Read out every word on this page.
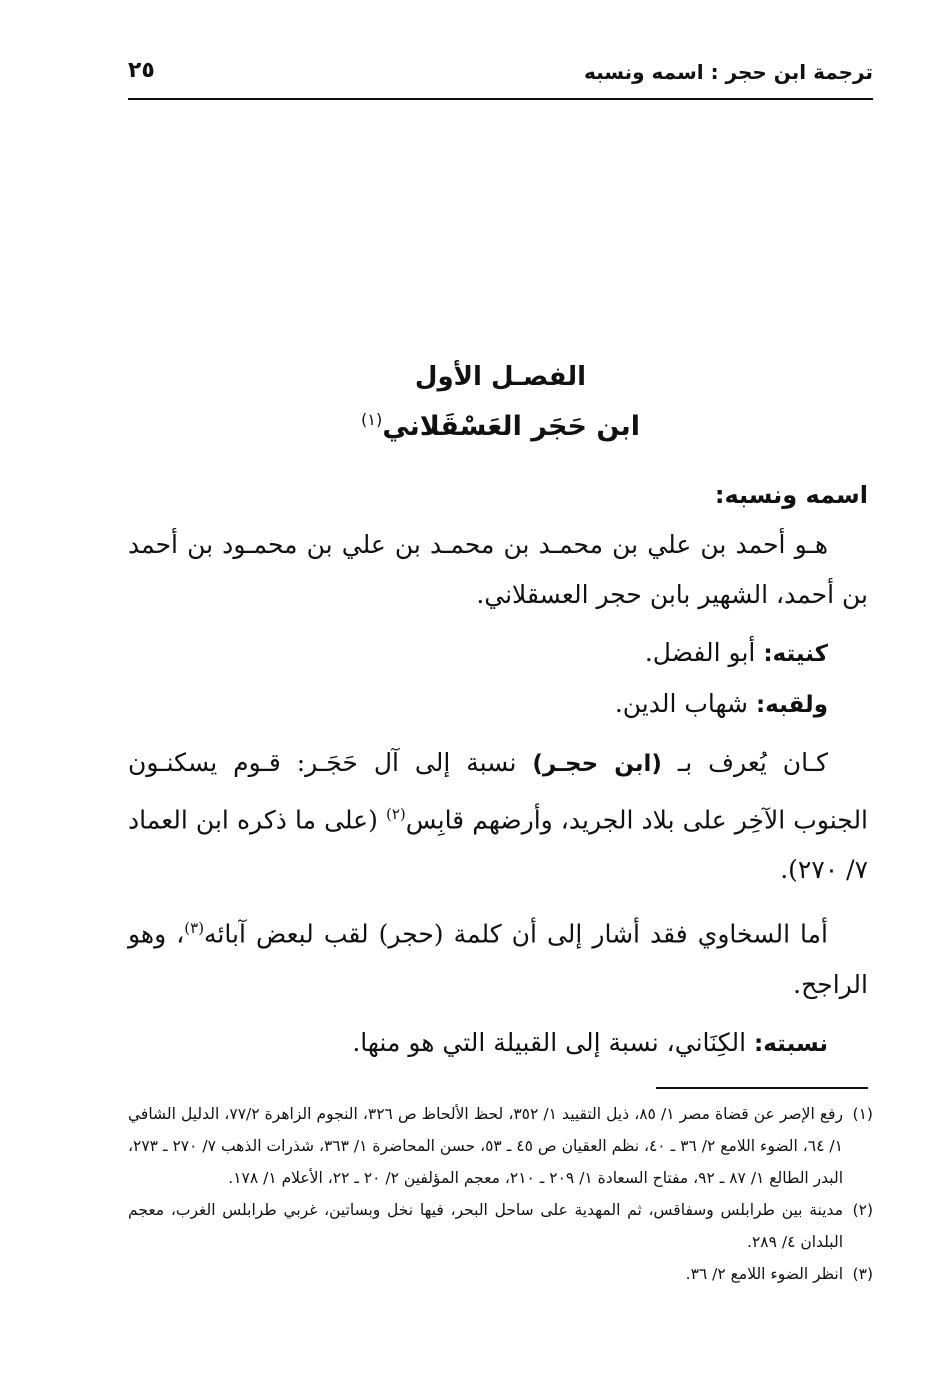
ترجمة ابن حجر : اسمه ونسبه
٢٥
الفصـل الأول
ابن حَجَر العَسْقَلاني$^{(١)}$

اسمه ونسبه:

هـو أحمد بن علي بن محمـد بن محمـد بن علي بن محمـود بن أحمد بن أحمد، الشهير بابن حجر العسقلاني.

كنيته: أبو الفضل.

ولقبه: شهاب الدين.

كـان يُعرف بـ (ابن حجـر) نسبة إلى آل حَجَـر: قـوم يسكنـون الجنوب الآخِر على بلاد الجريد، وأرضهم قابِس$^{(٢)}$ (على ما ذكره ابن العماد ٧/ ٢٧٠).

أما السخاوي فقد أشار إلى أن كلمة (حجر) لقب لبعض آبائه$^{(٣)}$، وهو الراجح.

نسبته: الكِنَاني، نسبة إلى القبيلة التي هو منها.

(١)رفع الإصر عن قضاة مصر ١/ ٨٥، ذيل التقييد ١/ ٣٥٢، لحظ الألحاظ ص ٣٢٦، النجوم الزاهرة ٧٧/٢، الدليل الشافي ١/ ٦٤، الضوء اللامع ٢/ ٣٦ ـ ٤٠، نظم العقيان ص ٤٥ ـ ٥٣، حسن المحاضرة ١/ ٣٦٣، شذرات الذهب ٧/ ٢٧٠ ـ ٢٧٣، البدر الطالع ١/ ٨٧ ـ ٩٢، مفتاح السعادة ١/ ٢٠٩ ـ ٢١٠، معجم المؤلفين ٢/ ٢٠ ـ ٢٢، الأعلام ١/ ١٧٨.

(٢)مدينة بين طرابلس وسفاقس، ثم المهدية على ساحل البحر، فيها نخل وبساتين، غربي طرابلس الغرب، معجم البلدان ٤/ ٢٨٩.

(٣)انظر الضوء اللامع ٢/ ٣٦.
